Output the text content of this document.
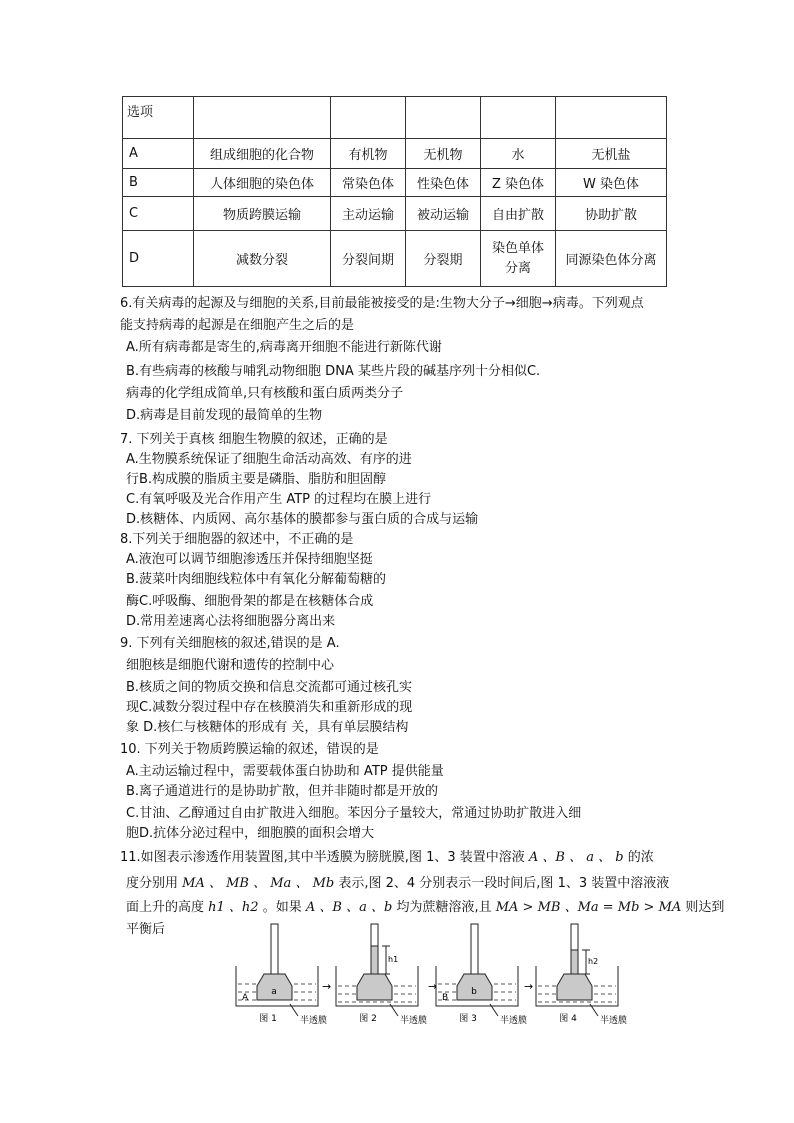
选项					
A	组成细胞的化合物	有机物	无机物	水	无机盐
B	人体细胞的染色体	常染色体	性染色体	Z 染色体	W 染色体
C	物质跨膜运输	主动运输	被动运输	自由扩散	协助扩散
D	减数分裂	分裂间期	分裂期	染色单体分离	同源染色体分离
6.有关病毒的起源及与细胞的关系,目前最能被接受的是:生物大分子→细胞→病毒。下列观点
能支持病毒的起源是在细胞产生之后的是
A.所有病毒都是寄生的,病毒离开细胞不能进行新陈代谢
B.有些病毒的核酸与哺乳动物细胞 DNA 某些片段的碱基序列十分相似C.
病毒的化学组成简单,只有核酸和蛋白质两类分子
D.病毒是目前发现的最简单的生物
7. 下列关于真核 细胞生物膜的叙述，正确的是
A.生物膜系统保证了细胞生命活动高效、有序的进
行B.构成膜的脂质主要是磷脂、脂肪和胆固醇
C.有氧呼吸及光合作用产生 ATP 的过程均在膜上进行
D.核糖体、内质网、高尔基体的膜都参与蛋白质的合成与运输
8.下列关于细胞器的叙述中，不正确的是
A.液泡可以调节细胞渗透压并保持细胞坚挺
B.菠菜叶肉细胞线粒体中有氧化分解葡萄糖的
酶C.呼吸酶、细胞骨架的都是在核糖体合成
D.常用差速离心法将细胞器分离出来
9. 下列有关细胞核的叙述,错误的是 A.
细胞核是细胞代谢和遗传的控制中心
B.核质之间的物质交换和信息交流都可通过核孔实
现C.减数分裂过程中存在核膜消失和重新形成的现
象 D.核仁与核糖体的形成有 关，具有单层膜结构
10. 下列关于物质跨膜运输的叙述，错误的是
A.主动运输过程中，需要载体蛋白协助和 ATP 提供能量
B.离子通道进行的是协助扩散，但并非随时都是开放的
C.甘油、乙醇通过自由扩散进入细胞。苯因分子量较大，常通过协助扩散进入细
胞D.抗体分泌过程中，细胞膜的面积会增大
11.如图表示渗透作用装置图,其中半透膜为膀胱膜,图 1、3 装置中溶液 A 、B 、 a 、 b 的浓
度分别用 MA 、 MB 、 Ma 、 Mb 表示,图 2、4 分别表示一段时间后,图 1、3 装置中溶液液
面上升的高度 h1 、h2 。如果 A 、B 、a 、b 均为蔗糖溶液,且 MA > MB 、Ma = Mb > MA 则达到
平衡后
a
A
图 1	半透膜
→
h1
图 2	半透膜
→	b
B
图 3	半透膜
→
h2
图 4	半透膜
